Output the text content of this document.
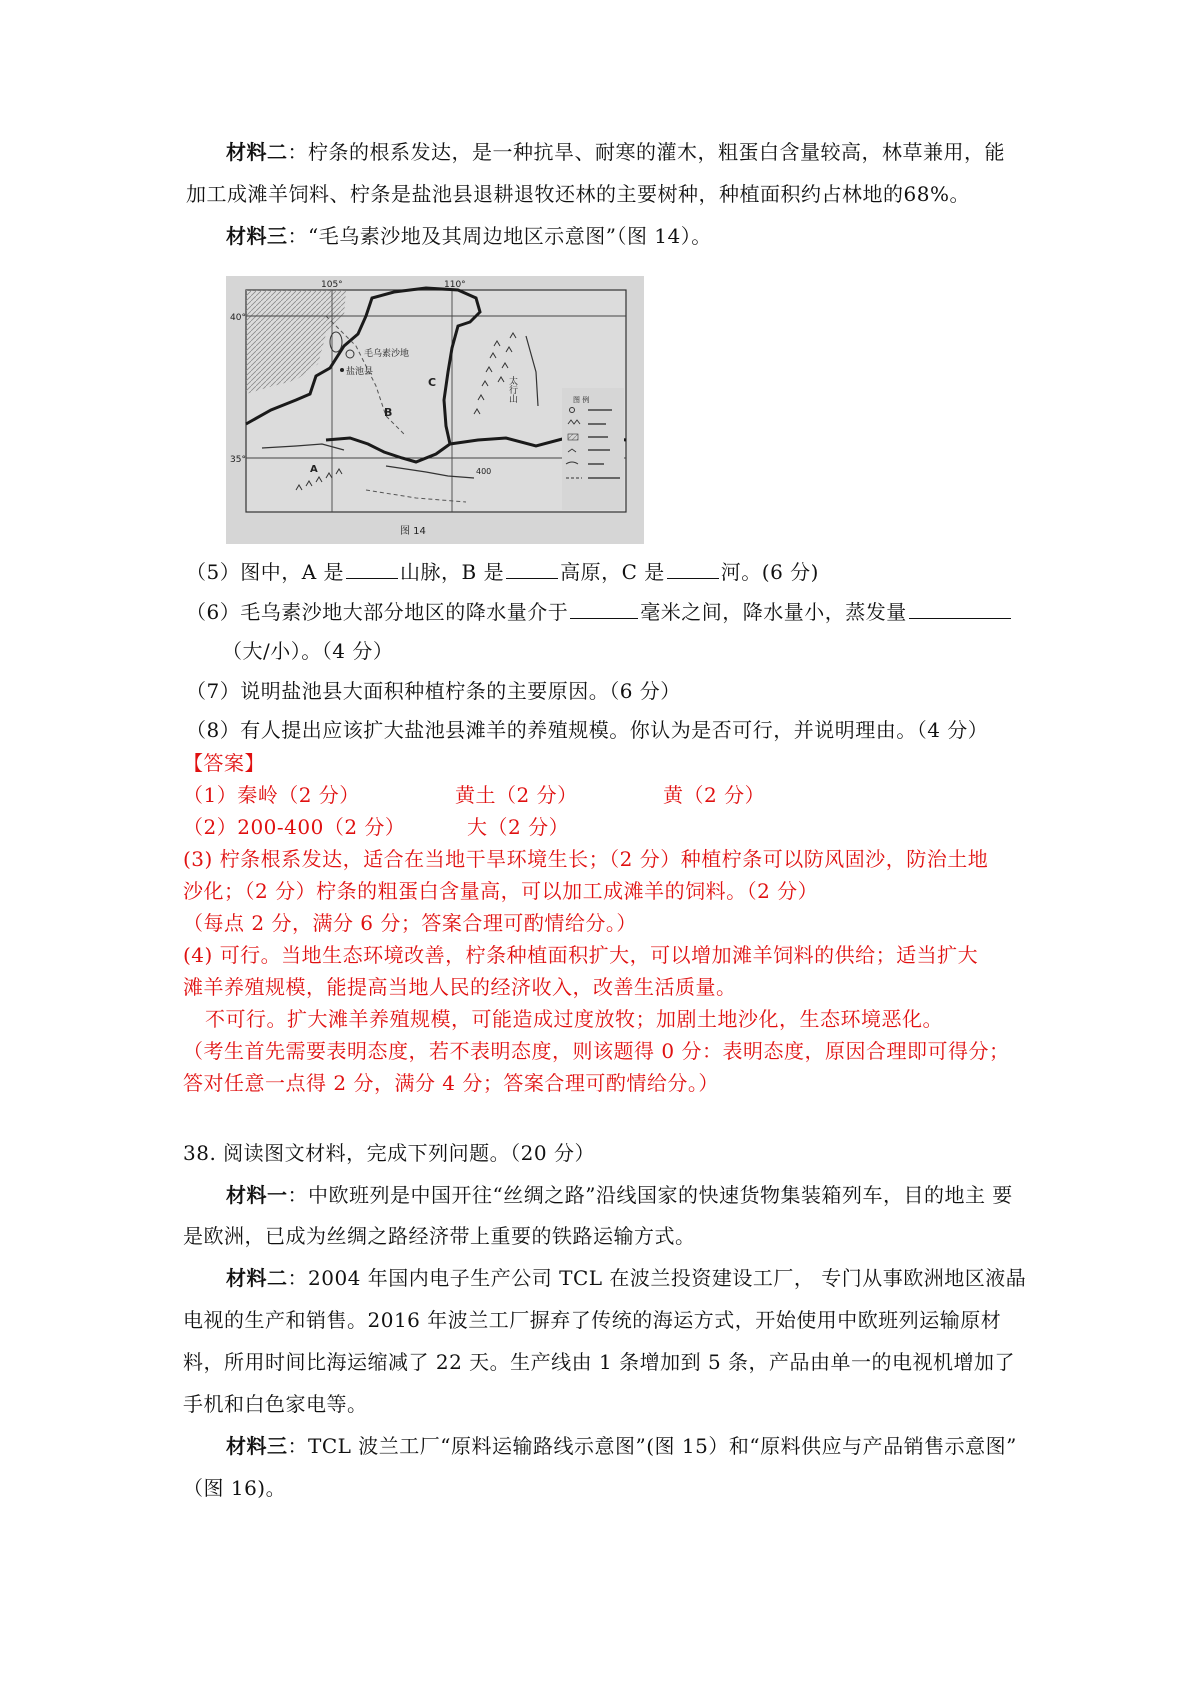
材料二：柠条的根系发达，是一种抗旱、耐寒的灌木，粗蛋白含量较高，林草兼用，能
加工成滩羊饲料、柠条是盐池县退耕退牧还林的主要树种，种植面积约占林地的68%。
材料三：“毛乌素沙地及其周边地区示意图”（图 14）。
105°	110°
40°
35°
毛乌素沙地
盐池县
B
C
A	400
太行山	图 例
图 14
（5）图中，A 是	山脉，B 是	高原，C 是	河。(6 分)
（6）毛乌素沙地大部分地区的降水量介于	毫米之间，降水量小，蒸发量
（大/小）。（4 分）
（7）说明盐池县大面积种植柠条的主要原因。（6 分）
（8）有人提出应该扩大盐池县滩羊的养殖规模。你认为是否可行，并说明理由。（4 分）
【答案】
（1）秦岭（2 分）	黄土（2 分）	黄（2 分）
（2）200-400（2 分）	大（2 分）
(3) 柠条根系发达，适合在当地干旱环境生长；（2 分）种植柠条可以防风固沙，防治土地
沙化；（2 分）柠条的粗蛋白含量高，可以加工成滩羊的饲料。（2 分）
（每点 2 分，满分 6 分；答案合理可酌情给分。）
(4) 可行。当地生态环境改善，柠条种植面积扩大，可以增加滩羊饲料的供给；适当扩大
滩羊养殖规模，能提高当地人民的经济收入，改善生活质量。
不可行。扩大滩羊养殖规模，可能造成过度放牧；加剧土地沙化，生态环境恶化。
（考生首先需要表明态度，若不表明态度，则该题得 0 分：表明态度，原因合理即可得分；
答对任意一点得 2 分，满分 4 分；答案合理可酌情给分。）
38. 阅读图文材料，完成下列问题。（20 分）
材料一：中欧班列是中国开往“丝绸之路”沿线国家的快速货物集装箱列车，目的地主 要
是欧洲，已成为丝绸之路经济带上重要的铁路运输方式。
材料二：2004 年国内电子生产公司 TCL 在波兰投资建设工厂， 专门从事欧洲地区液晶
电视的生产和销售。2016 年波兰工厂摒弃了传统的海运方式，开始使用中欧班列运输原材
料，所用时间比海运缩减了 22 天。生产线由 1 条增加到 5 条，产品由单一的电视机增加了
手机和白色家电等。
材料三：TCL 波兰工厂“原料运输路线示意图”(图 15）和“原料供应与产品销售示意图”
（图 16)。
